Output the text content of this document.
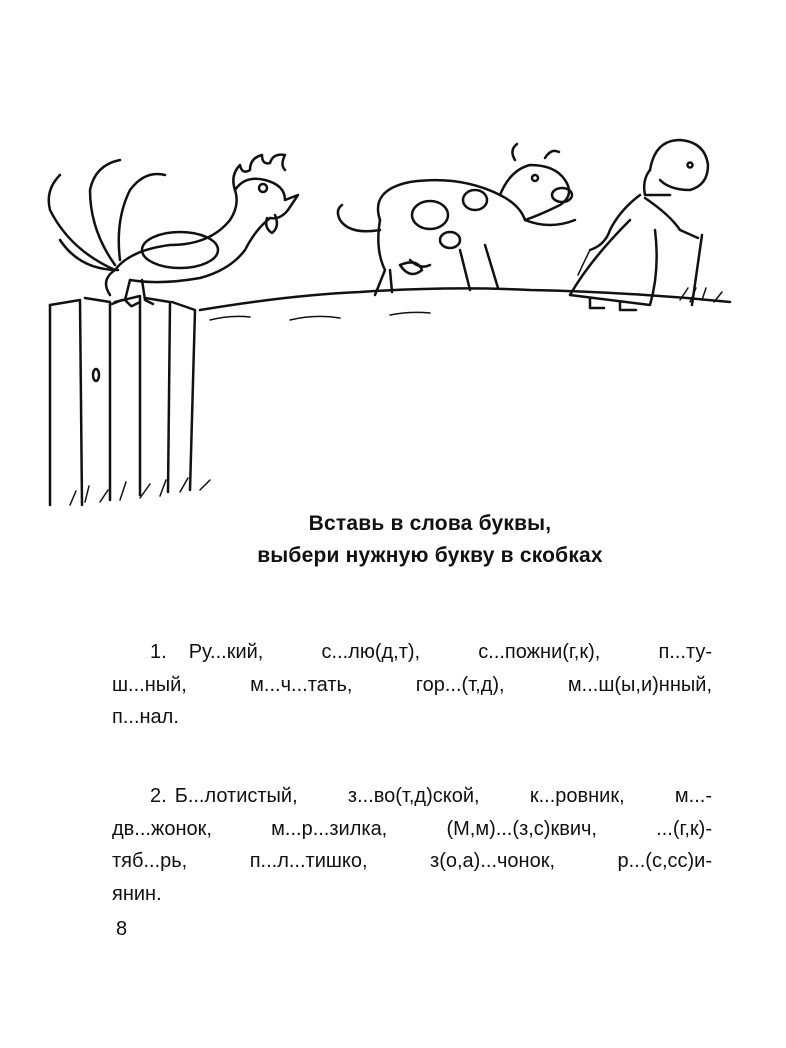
Вставь в слова буквы,
выбери нужную букву в скобках
1. Ру...кий, с...лю(д,т), с...пожни(г,к), п...ту-
ш...ный, м...ч...тать, гор...(т,д), м...ш(ы,и)нный,
п...нал.
2. Б...лотистый, з...во(т,д)ской, к...ровник, м...-
дв...жонок, м...р...зилка, (М,м)...(з,с)квич, ...(г,к)-
тяб...рь, п...л...тишко, з(о,а)...чонок, р...(с,сс)и-
янин.
8
